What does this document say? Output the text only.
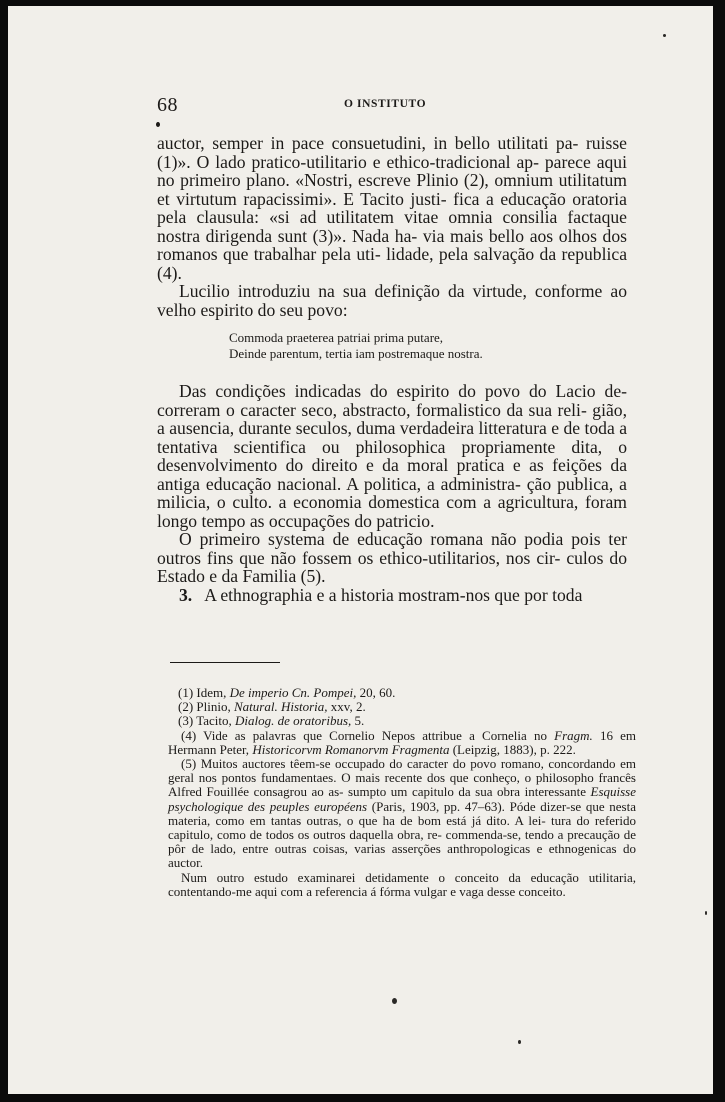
68	O INSTITUTO

auctor, semper in pace consuetudini, in bello utilitati pa- ruisse (1)». O lado pratico-utilitario e ethico-tradicional ap- parece aqui no primeiro plano. «Nostri, escreve Plinio (2), omnium utilitatum et virtutum rapacissimi». E Tacito justi- fica a educação oratoria pela clausula: «si ad utilitatem vitae omnia consilia factaque nostra dirigenda sunt (3)». Nada ha- via mais bello aos olhos dos romanos que trabalhar pela uti- lidade, pela salvação da republica (4).

Lucilio introduziu na sua definição da virtude, conforme ao velho espirito do seu povo:

Commoda praeterea patriai prima putare,
Deinde parentum, tertia iam postremaque nostra.

Das condições indicadas do espirito do povo do Lacio de- correram o caracter seco, abstracto, formalistico da sua reli- gião, a ausencia, durante seculos, duma verdadeira litteratura e de toda a tentativa scientifica ou philosophica propriamente dita, o desenvolvimento do direito e da moral pratica e as feições da antiga educação nacional. A politica, a administra- ção publica, a milicia, o culto. a economia domestica com a agricultura, foram longo tempo as occupações do patricio.

O primeiro systema de educação romana não podia pois ter outros fins que não fossem os ethico-utilitarios, nos cir- culos do Estado e da Familia (5).

3. A ethnographia e a historia mostram-nos que por toda

(1) Idem, De imperio Cn. Pompei, 20, 60.

(2) Plinio, Natural. Historia, xxv, 2.

(3) Tacito, Dialog. de oratoribus, 5.

(4) Vide as palavras que Cornelio Nepos attribue a Cornelia no Fragm. 16 em Hermann Peter, Historicorvm Romanorvm Fragmenta (Leipzig, 1883), p. 222.

(5) Muitos auctores têem-se occupado do caracter do povo romano, concordando em geral nos pontos fundamentaes. O mais recente dos que conheço, o philosopho francês Alfred Fouillée consagrou ao as- sumpto um capitulo da sua obra interessante Esquisse psychologique des peuples européens (Paris, 1903, pp. 47–63). Póde dizer-se que nesta materia, como em tantas outras, o que ha de bom está já dito. A lei- tura do referido capitulo, como de todos os outros daquella obra, re- commenda-se, tendo a precaução de pôr de lado, entre outras coisas, varias asserções anthropologicas e ethnogenicas do auctor.

Num outro estudo examinarei detidamente o conceito da educação utilitaria, contentando-me aqui com a referencia á fórma vulgar e vaga desse conceito.
